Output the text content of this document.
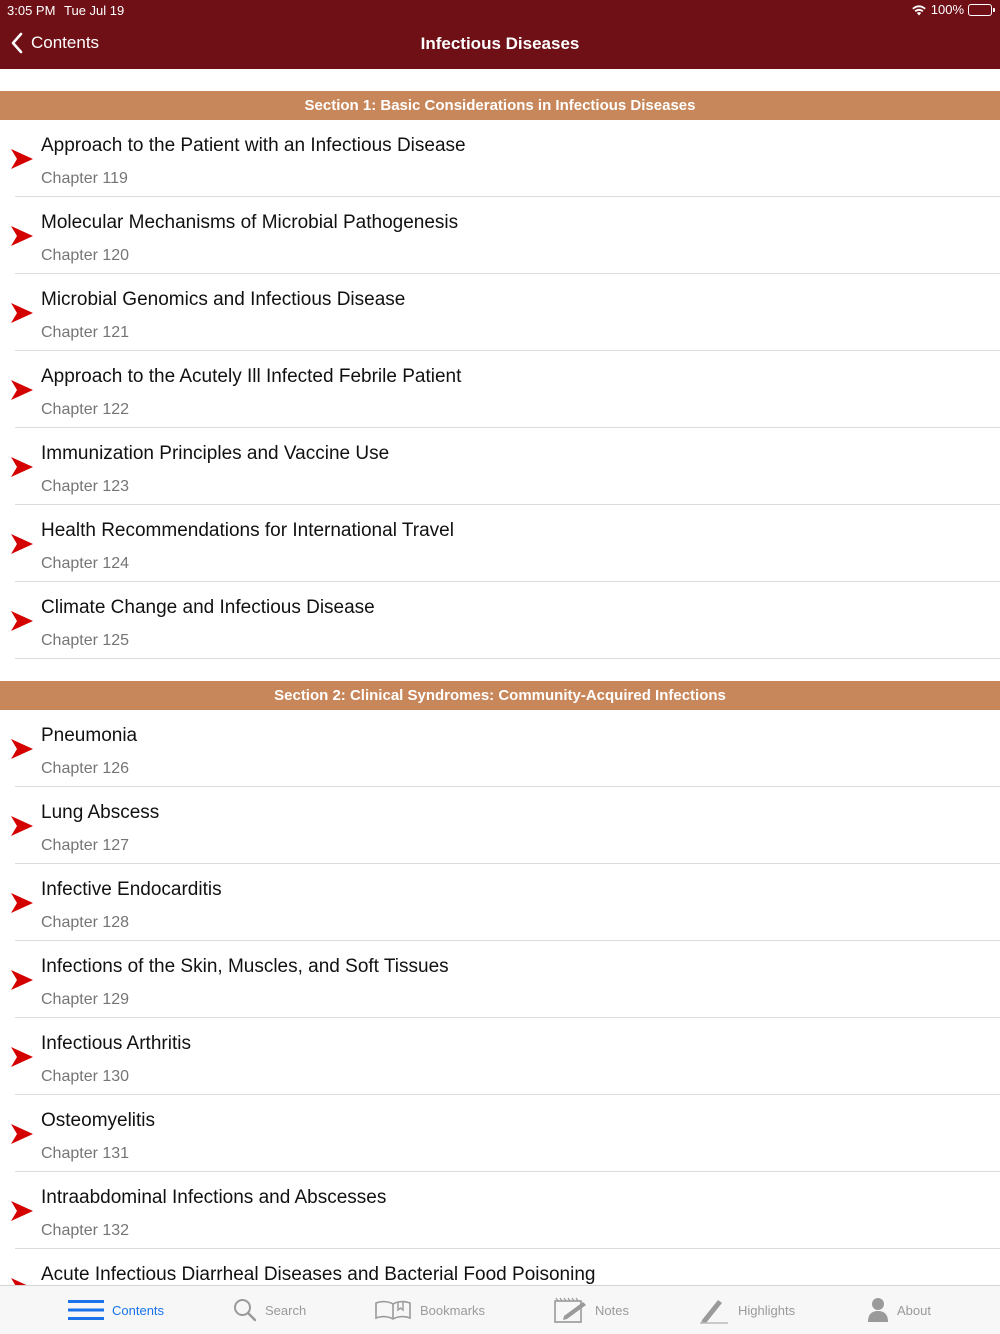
3:05 PM Tue Jul 19	100%
Contents	Infectious Diseases
Section 1: Basic Considerations in Infectious Diseases
Approach to the Patient with an Infectious Disease
Chapter 119
Molecular Mechanisms of Microbial Pathogenesis
Chapter 120
Microbial Genomics and Infectious Disease
Chapter 121
Approach to the Acutely Ill Infected Febrile Patient
Chapter 122
Immunization Principles and Vaccine Use
Chapter 123
Health Recommendations for International Travel
Chapter 124
Climate Change and Infectious Disease
Chapter 125
Section 2: Clinical Syndromes: Community-Acquired Infections
Pneumonia
Chapter 126
Lung Abscess
Chapter 127
Infective Endocarditis
Chapter 128
Infections of the Skin, Muscles, and Soft Tissues
Chapter 129
Infectious Arthritis
Chapter 130
Osteomyelitis
Chapter 131
Intraabdominal Infections and Abscesses
Chapter 132
Acute Infectious Diarrheal Diseases and Bacterial Food Poisoning
Contents	Search	Bookmarks	Notes	Highlights	About
